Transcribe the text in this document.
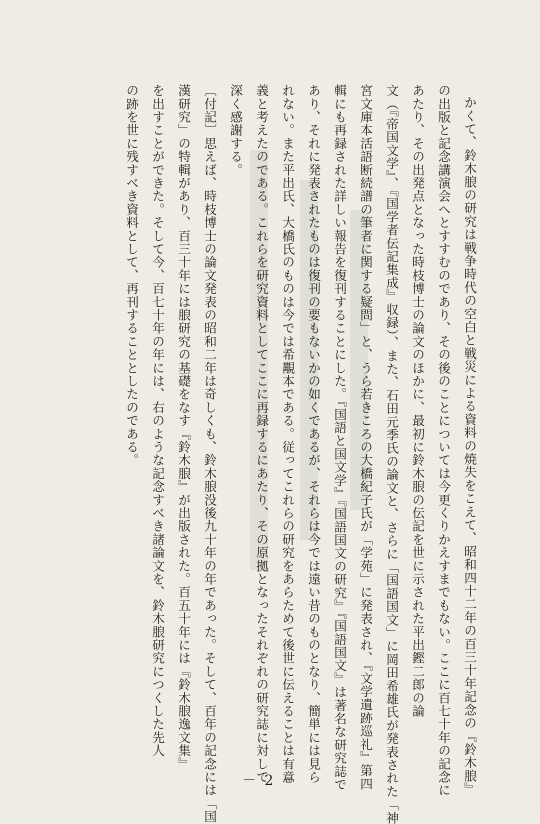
かくて、鈴木朖の研究は戦争時代の空白と戦災による資料の焼失をこえて、昭和四十二年の百三十年記念の『鈴木朖』
の出版と記念講演会へとすすむのであり、その後のことについては今更くりかえすまでもない。ここに百七十年の記念に
あたり、その出発点となった時枝博士の論文のほかに、最初に鈴木朖の伝記を世に示された平出鏗二郎の論
文（『帝国文学』、『国学者伝記集成』収録）、また、石田元季氏の論文と、さらに「国語国文」に岡田希雄氏が発表された「神
宮文庫本活語断続譜の筆者に関する疑問」と、うら若きころの大橋紀子氏が「学苑」に発表され、『文学遺跡巡礼』第四
輯にも再録された詳しい報告を復刊することにした。『国語と国文学』『国語国文の研究』『国語国文』は著名な研究誌で
あり、それに発表されたものは復刊の要もないかの如くであるが、それらは今では遠い昔のものとなり、簡単には見ら
れない。また平出氏、大橋氏のものは今では希覯本である。従ってこれらの研究をあらためて後世に伝えることは有意
義と考えたのである。これらを研究資料としてここに再録するにあたり、その原拠となったそれぞれの研究誌に対して
深く感謝する。
〔付記〕思えば、時枝博士の論文発表の昭和二年は奇しくも、鈴木朖没後九十年の年であった。そして、百年の記念には「国
漢研究」の特輯があり、百三十年には朖研究の基礎をなす『鈴木朖』が出版された。百五十年には『鈴木朖逸文集』
を出すことができた。そして今、百七十年の年には、右のような記念すべき諸論文を、鈴木朖研究につくした先人
の跡を世に残すべき資料として、再刊することとしたのである。
－ 2 －
